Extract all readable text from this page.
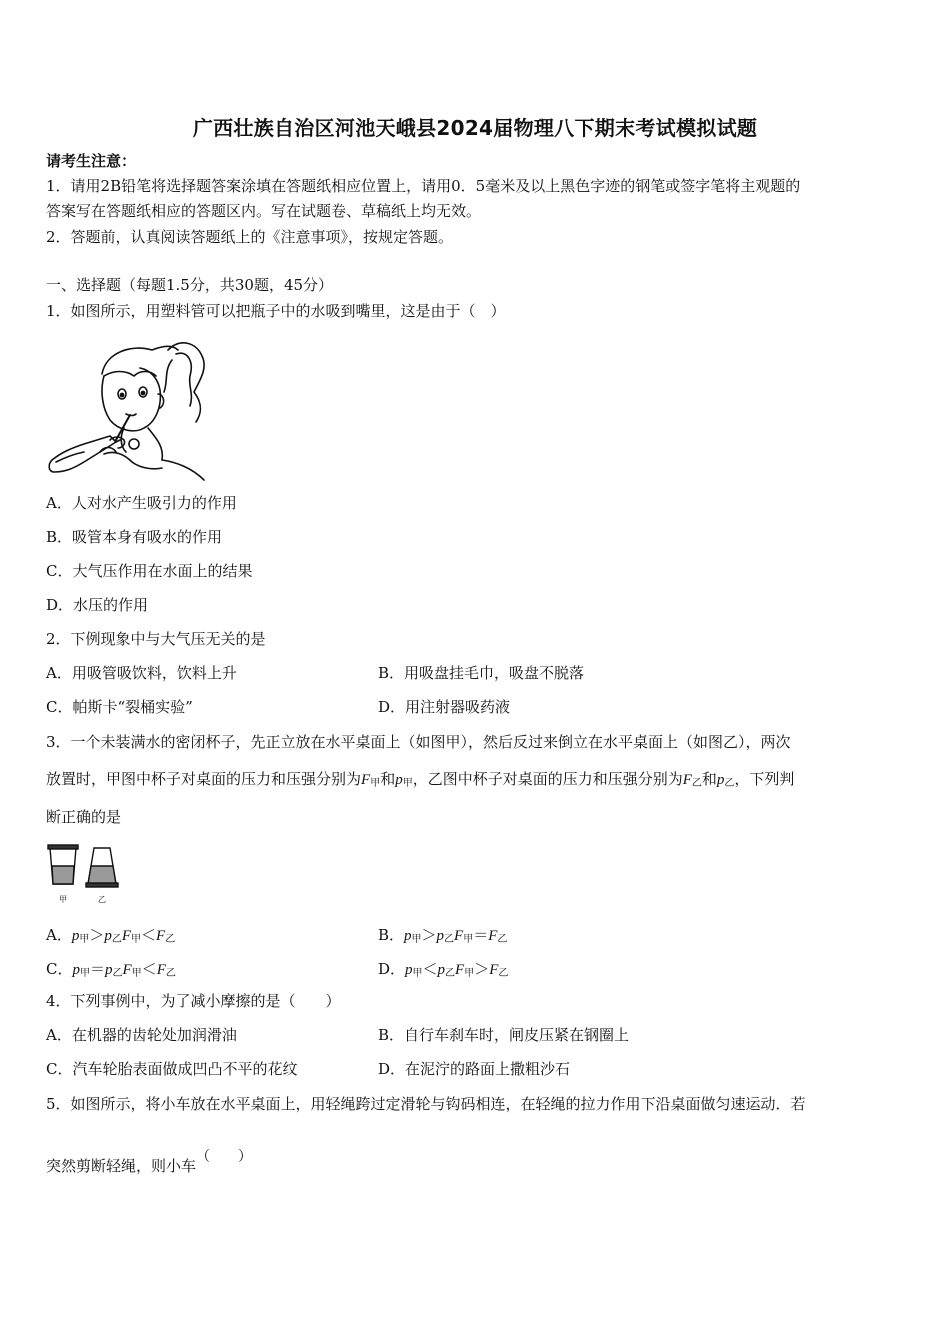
广西壮族自治区河池天峨县2024届物理八下期末考试模拟试题
请考生注意：
1．请用2B铅笔将选择题答案涂填在答题纸相应位置上，请用0．5毫米及以上黑色字迹的钢笔或签字笔将主观题的
答案写在答题纸相应的答题区内。写在试题卷、草稿纸上均无效。
2．答题前，认真阅读答题纸上的《注意事项》，按规定答题。
一、选择题（每题1.5分，共30题，45分）
1．如图所示，用塑料管可以把瓶子中的水吸到嘴里，这是由于（　）
A．人对水产生吸引力的作用
B．吸管本身有吸水的作用
C．大气压作用在水面上的结果
D．水压的作用
2．下例现象中与大气压无关的是
A．用吸管吸饮料，饮料上升	B．用吸盘挂毛巾，吸盘不脱落
C．帕斯卡“裂桶实验”	D．用注射器吸药液
3．一个未装满水的密闭杯子，先正立放在水平桌面上（如图甲），然后反过来倒立在水平桌面上（如图乙），两次
放置时，甲图中杯子对桌面的压力和压强分别为$F_甲$和$p_甲$，乙图中杯子对桌面的压力和压强分别为$F_乙$和$p_乙$，下列判
断正确的是
甲	乙
A．$p_甲>p_乙F_甲<F_乙$	B．$p_甲>p_乙F_甲=F_乙$
C．$p_甲=p_乙F_甲<F_乙$	D．$p_甲<p_乙F_甲>F_乙$
4．下列事例中，为了减小摩擦的是（　　）
A．在机器的齿轮处加润滑油	B．自行车刹车时，闸皮压紧在钢圈上
C．汽车轮胎表面做成凹凸不平的花纹	D．在泥泞的路面上撒粗沙石
5．如图所示，将小车放在水平桌面上，用轻绳跨过定滑轮与钩码相连，在轻绳的拉力作用下沿桌面做匀速运动．若
突然剪断轻绳，则小车（　　）
